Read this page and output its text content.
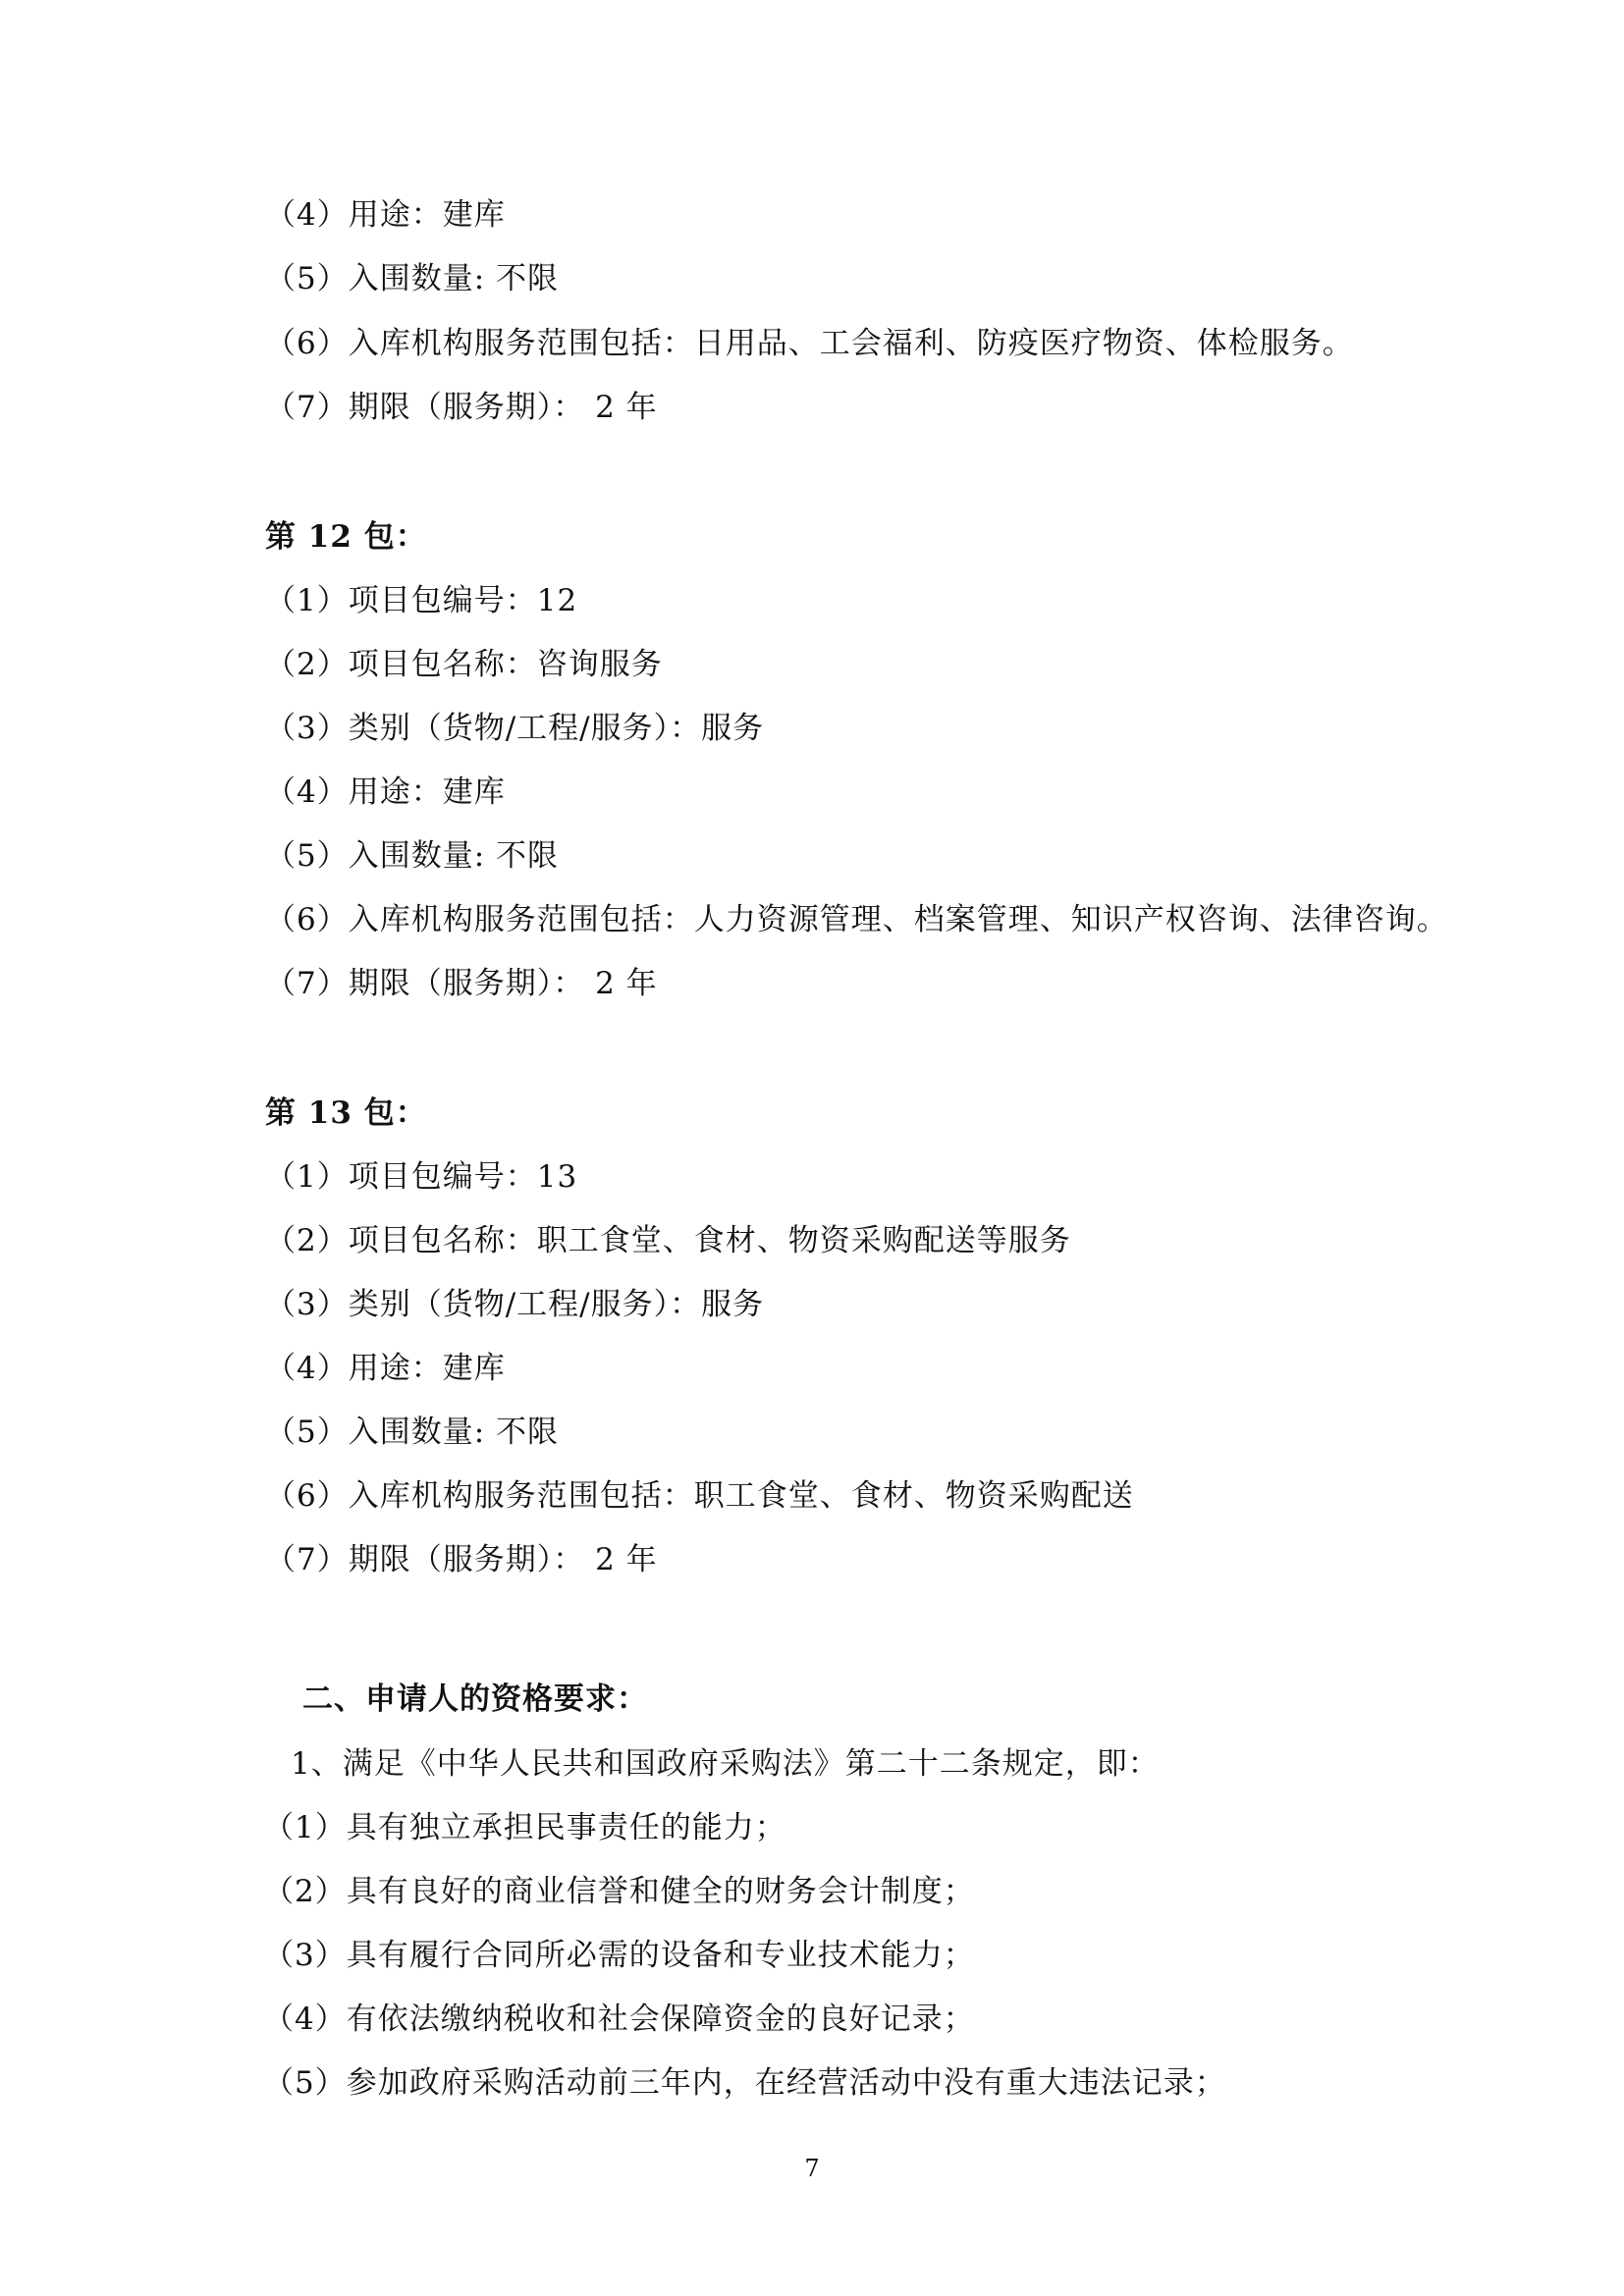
（4）用途：建库
（5）入围数量: 不限
（6）入库机构服务范围包括：日用品、工会福利、防疫医疗物资、体检服务。
（7）期限（服务期）： 2 年
第 12 包：
（1）项目包编号：12
（2）项目包名称：咨询服务
（3）类别（货物/工程/服务）：服务
（4）用途：建库
（5）入围数量: 不限
（6）入库机构服务范围包括：人力资源管理、档案管理、知识产权咨询、法律咨询。
（7）期限（服务期）： 2 年
第 13 包：
（1）项目包编号：13
（2）项目包名称：职工食堂、食材、物资采购配送等服务
（3）类别（货物/工程/服务）：服务
（4）用途：建库
（5）入围数量: 不限
（6）入库机构服务范围包括：职工食堂、食材、物资采购配送
（7）期限（服务期）： 2 年
二、申请人的资格要求：
1、满足《中华人民共和国政府采购法》第二十二条规定，即：
（1）具有独立承担民事责任的能力；
（2）具有良好的商业信誉和健全的财务会计制度；
（3）具有履行合同所必需的设备和专业技术能力；
（4）有依法缴纳税收和社会保障资金的良好记录；
（5）参加政府采购活动前三年内，在经营活动中没有重大违法记录；
7
